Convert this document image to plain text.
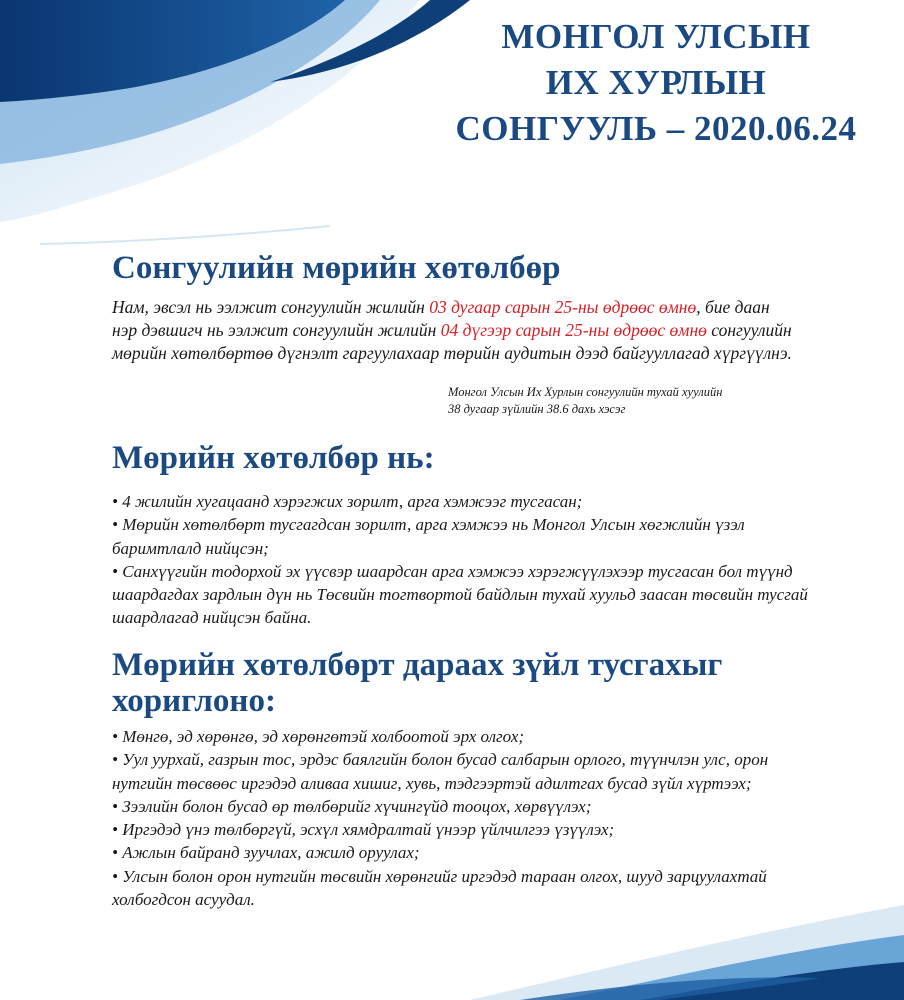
МОНГОЛ УЛСЫН
ИХ ХУРЛЫН
СОНГУУЛЬ – 2020.06.24
Сонгуулийн мөрийн хөтөлбөр

Нам, эвсэл нь ээлжит сонгуулийн жилийн 03 дугаар сарын 25-ны өдрөөс өмнө, бие даан нэр дэвшигч нь ээлжит сонгуулийн жилийн 04 дүгээр сарын 25-ны өдрөөс өмнө сонгуулийн мөрийн хөтөлбөртөө дүгнэлт гаргуулахаар төрийн аудитын дээд байгууллагад хүргүүлнэ.

Монгол Улсын Их Хурлын сонгуулийн тухай хуулийн
38 дугаар зүйлийн 38.6 дахь хэсэг
Мөрийн хөтөлбөр нь:
• 4 жилийн хугацаанд хэрэгжих зорилт, арга хэмжээг тусгасан;
• Мөрийн хөтөлбөрт тусгагдсан зорилт, арга хэмжээ нь Монгол Улсын хөгжлийн үзэл баримтлалд нийцсэн;
• Санхүүгийн тодорхой эх үүсвэр шаардсан арга хэмжээ хэрэгжүүлэхээр тусгасан бол түүнд шаардагдах зардлын дүн нь Төсвийн тогтвортой байдлын тухай хуульд заасан төсвийн тусгай шаардлагад нийцсэн байна.
Мөрийн хөтөлбөрт дараах зүйл тусгахыг хориглоно:
• Мөнгө, эд хөрөнгө, эд хөрөнгөтэй холбоотой эрх олгох;
• Уул уурхай, газрын тос, эрдэс баялгийн болон бусад салбарын орлого, түүнчлэн улс, орон нутгийн төсвөөс иргэдэд аливаа хишиг, хувь, тэдгээртэй адилтгах бусад зүйл хүртээх;
• Зээлийн болон бусад өр төлбөрийг хүчингүйд тооцох, хөрвүүлэх;
• Иргэдэд үнэ төлбөргүй, эсхүл хямдралтай үнээр үйлчилгээ үзүүлэх;
• Ажлын байранд зуучлах, ажилд оруулах;
• Улсын болон орон нутгийн төсвийн хөрөнгийг иргэдэд тараан олгох, шууд зарцуулахтай холбогдсон асуудал.
